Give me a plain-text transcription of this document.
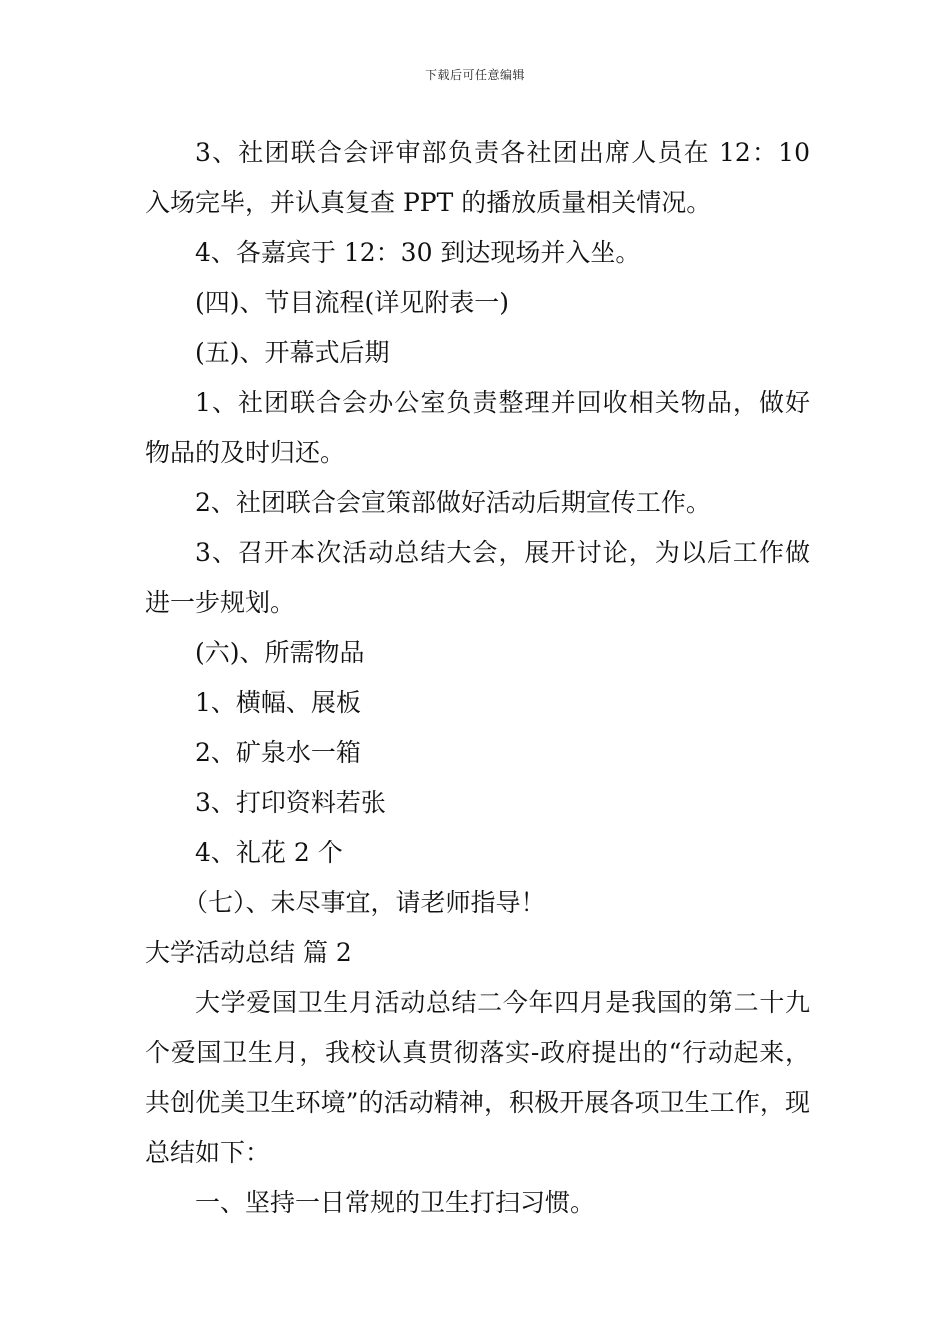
下载后可任意编辑

3、社团联合会评审部负责各社团出席人员在 12：10 入场完毕，并认真复查 PPT 的播放质量相关情况。

4、各嘉宾于 12：30 到达现场并入坐。

(四)、节目流程(详见附表一)

(五)、开幕式后期

1、社团联合会办公室负责整理并回收相关物品，做好物品的及时归还。

2、社团联合会宣策部做好活动后期宣传工作。

3、召开本次活动总结大会，展开讨论，为以后工作做进一步规划。

(六)、所需物品

1、横幅、展板

2、矿泉水一箱

3、打印资料若张

4、礼花 2 个

（七）、未尽事宜，请老师指导！

大学活动总结 篇 2

大学爱国卫生月活动总结二今年四月是我国的第二十九个爱国卫生月，我校认真贯彻落实-政府提出的“行动起来，共创优美卫生环境”的活动精神，积极开展各项卫生工作，现总结如下：

一、坚持一日常规的卫生打扫习惯。
